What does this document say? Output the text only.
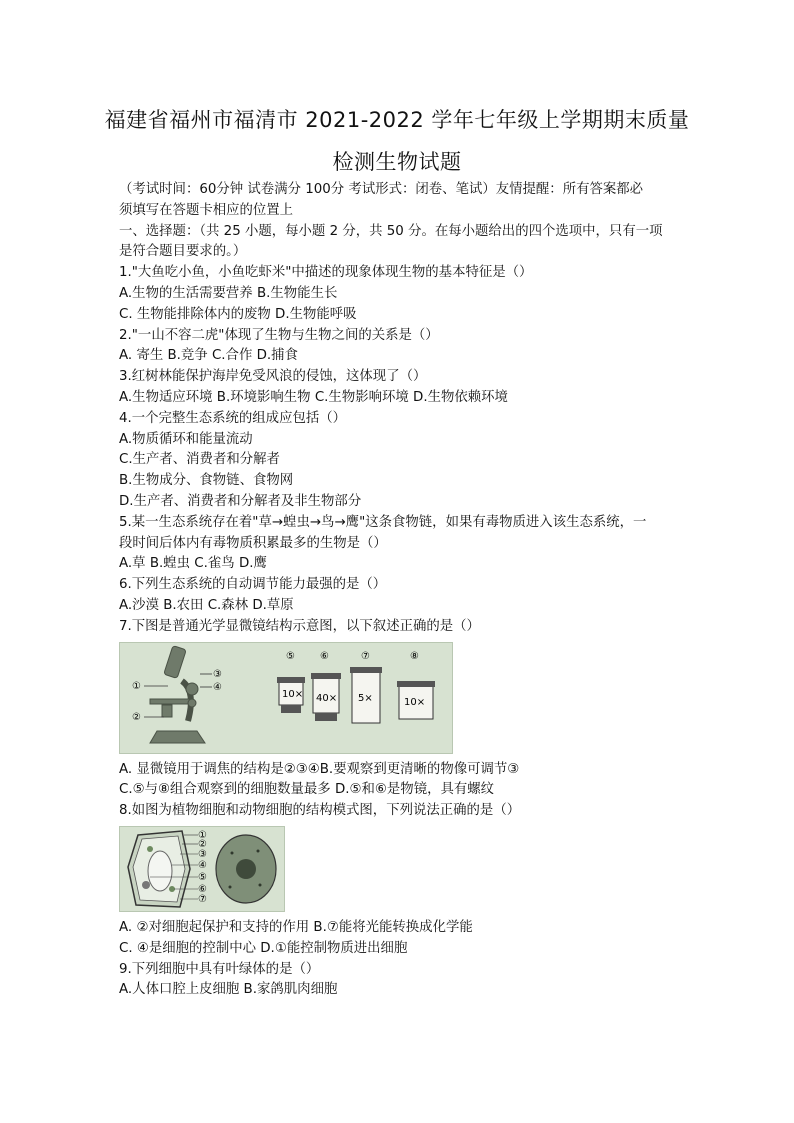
福建省福州市福清市 2021-2022 学年七年级上学期期末质量
检测生物试题
（考试时间：60分钟 试卷满分 100分 考试形式：闭卷、笔试）友情提醒：所有答案都必
须填写在答题卡相应的位置上
一、选择题：（共 25 小题，每小题 2 分，共 50 分。在每小题给出的四个选项中，只有一项
是符合题目要求的。）
1."大鱼吃小鱼，小鱼吃虾米"中描述的现象体现生物的基本特征是（）
A.生物的生活需要营养 B.生物能生长
C. 生物能排除体内的废物 D.生物能呼吸
2."一山不容二虎"体现了生物与生物之间的关系是（）
A. 寄生 B.竞争 C.合作 D.捕食
3.红树林能保护海岸免受风浪的侵蚀，这体现了（）
A.生物适应环境 B.环境影响生物 C.生物影响环境 D.生物依赖环境
4.一个完整生态系统的组成应包括（）
A.物质循环和能量流动
C.生产者、消费者和分解者
B.生物成分、食物链、食物网
D.生产者、消费者和分解者及非生物部分
5.某一生态系统存在着"草→蝗虫→鸟→鹰"这条食物链，如果有毒物质进入该生态系统，一
段时间后体内有毒物质积累最多的生物是（）
A.草 B.蝗虫 C.雀鸟 D.鹰
6.下列生态系统的自动调节能力最强的是（）
A.沙漠 B.农田 C.森林 D.草原
7.下图是普通光学显微镜结构示意图，以下叙述正确的是（）
①
②
③
④
⑤
10×
⑥
40×
⑦
5×
⑧
10×
A. 显微镜用于调焦的结构是②③④B.要观察到更清晰的物像可调节③
C.⑤与⑧组合观察到的细胞数量最多 D.⑤和⑥是物镜，具有螺纹
8.如图为植物细胞和动物细胞的结构模式图，下列说法正确的是（）
①
②
③
④
⑤
⑥
⑦
A. ②对细胞起保护和支持的作用 B.⑦能将光能转换成化学能
C. ④是细胞的控制中心 D.①能控制物质进出细胞
9.下列细胞中具有叶绿体的是（）
A.人体口腔上皮细胞 B.家鸽肌肉细胞
